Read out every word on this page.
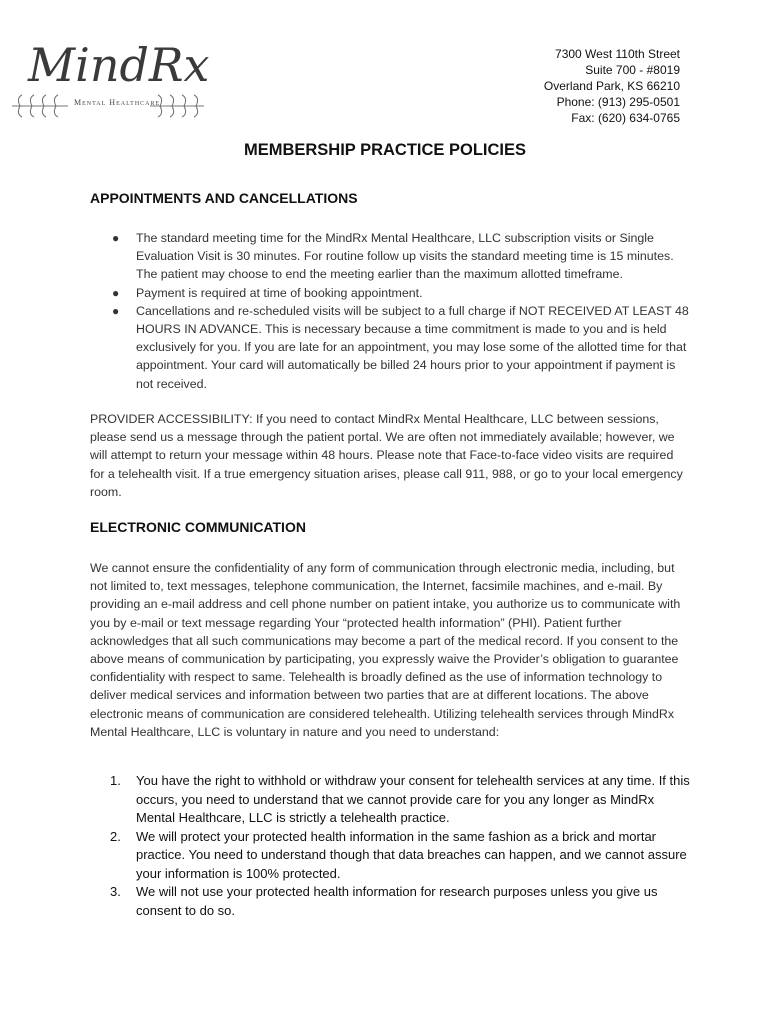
MindRx
Mental Healthcare
7300 West 110th Street
Suite 700 - #8019
Overland Park, KS 66210
Phone: (913) 295-0501
Fax: (620) 634-0765
MEMBERSHIP PRACTICE POLICIES
APPOINTMENTS AND CANCELLATIONS
● The standard meeting time for the MindRx Mental Healthcare, LLC subscription visits or Single Evaluation Visit is 30 minutes. For routine follow up visits the standard meeting time is 15 minutes. The patient may choose to end the meeting earlier than the maximum allotted timeframe.
● Payment is required at time of booking appointment.
● Cancellations and re-scheduled visits will be subject to a full charge if NOT RECEIVED AT LEAST 48 HOURS IN ADVANCE. This is necessary because a time commitment is made to you and is held exclusively for you. If you are late for an appointment, you may lose some of the allotted time for that appointment. Your card will automatically be billed 24 hours prior to your appointment if payment is not received.

PROVIDER ACCESSIBILITY: If you need to contact MindRx Mental Healthcare, LLC between sessions, please send us a message through the patient portal. We are often not immediately available; however, we will attempt to return your message within 48 hours. Please note that Face-to-face video visits are required for a telehealth visit. If a true emergency situation arises, please call 911, 988, or go to your local emergency room.

ELECTRONIC COMMUNICATION

We cannot ensure the confidentiality of any form of communication through electronic media, including, but not limited to, text messages, telephone communication, the Internet, facsimile machines, and e-mail. By providing an e-mail address and cell phone number on patient intake, you authorize us to communicate with you by e-mail or text message regarding Your “protected health information” (PHI). Patient further acknowledges that all such communications may become a part of the medical record. If you consent to the above means of communication by participating, you expressly waive the Provider’s obligation to guarantee confidentiality with respect to same. Telehealth is broadly defined as the use of information technology to deliver medical services and information between two parties that are at different locations. The above electronic means of communication are considered telehealth. Utilizing telehealth services through MindRx Mental Healthcare, LLC is voluntary in nature and you need to understand:

1. You have the right to withhold or withdraw your consent for telehealth services at any time. If this occurs, you need to understand that we cannot provide care for you any longer as MindRx Mental Healthcare, LLC is strictly a telehealth practice.
2. We will protect your protected health information in the same fashion as a brick and mortar practice. You need to understand though that data breaches can happen, and we cannot assure your information is 100% protected.
3. We will not use your protected health information for research purposes unless you give us consent to do so.
